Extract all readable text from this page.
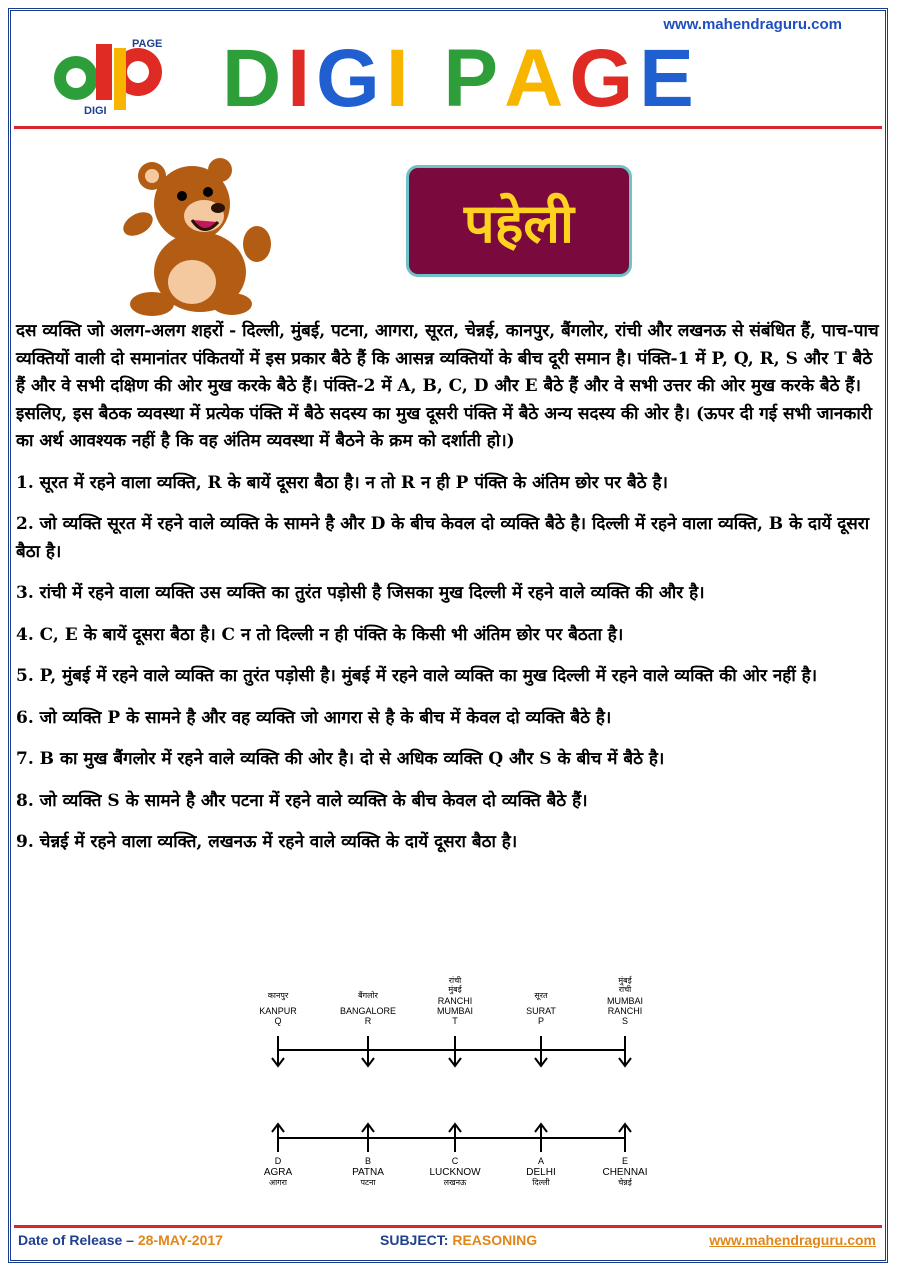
www.mahendraguru.com
PAGE
DIGI DIGI PAGE
पहेली

दस व्यक्ति जो अलग-अलग शहरों - दिल्ली, मुंबई, पटना, आगरा, सूरत, चेन्नई, कानपुर, बैंगलोर, रांची और लखनऊ से संबंधित हैं, पाच-पाच व्यक्तियों वाली दो समानांतर पंकितयों में इस प्रकार बैठे हैं कि आसन्न व्यक्तियों के बीच दूरी समान है। पंक्ति-1 में P, Q, R, S और T बैठे हैं और वे सभी दक्षिण की ओर मुख करके बैठे हैं। पंक्ति-2 में A, B, C, D और E बैठे हैं और वे सभी उत्तर की ओर मुख करके बैठे हैं। इसलिए, इस बैठक व्यवस्था में प्रत्येक पंक्ति में बैठे सदस्य का मुख दूसरी पंक्ति में बैठे अन्य सदस्य की ओर है। (ऊपर दी गई सभी जानकारी का अर्थ आवश्यक नहीं है कि वह अंतिम व्यवस्था में बैठने के क्रम को दर्शाती हो।)

1. सूरत में रहने वाला व्यक्ति, R के बायें दूसरा बैठा है। न तो R न ही P पंक्ति के अंतिम छोर पर बैठे है।

2. जो व्यक्ति सूरत में रहने वाले व्यक्ति के सामने है और D के बीच केवल दो व्यक्ति बैठे है। दिल्ली में रहने वाला व्यक्ति, B के दायें दूसरा बैठा है।

3. रांची में रहने वाला व्यक्ति उस व्यक्ति का तुरंत पड़ोसी है जिसका मुख दिल्ली में रहने वाले व्यक्ति की और है।

4. C, E के बायें दूसरा बैठा है। C न तो दिल्ली न ही पंक्ति के किसी भी अंतिम छोर पर बैठता है।

5. P, मुंबई में रहने वाले व्यक्ति का तुरंत पड़ोसी है। मुंबई में रहने वाले व्यक्ति का मुख दिल्ली में रहने वाले व्यक्ति की ओर नहीं है।

6. जो व्यक्ति P के सामने है और वह व्यक्ति जो आगरा से है के बीच में केवल दो व्यक्ति बैठे है।

7. B का मुख बैंगलोर में रहने वाले व्यक्ति की ओर है। दो से अधिक व्यक्ति Q और S के बीच में बैठे है।

8. जो व्यक्ति S के सामने है और पटना में रहने वाले व्यक्ति के बीच केवल दो व्यक्ति बैठे हैं।

9. चेन्नई में रहने वाला व्यक्ति, लखनऊ में रहने वाले व्यक्ति के दायें दूसरा बैठा है।

कानपुर
KANPUR
Q
बैंगलोर
BANGALORE
R
रांची
मुंबई
RANCHI
MUMBAI
T
सूरत
SURAT
P
मुंबई
रांची
MUMBAI
RANCHI
S
D
AGRA
आगरा
B
PATNA
पटना
C
LUCKNOW
लखनऊ
A
DELHI
दिल्ली
E
CHENNAI
चेन्नई
Date of Release – 28-MAY-2017	SUBJECT: REASONING	www.mahendraguru.com
